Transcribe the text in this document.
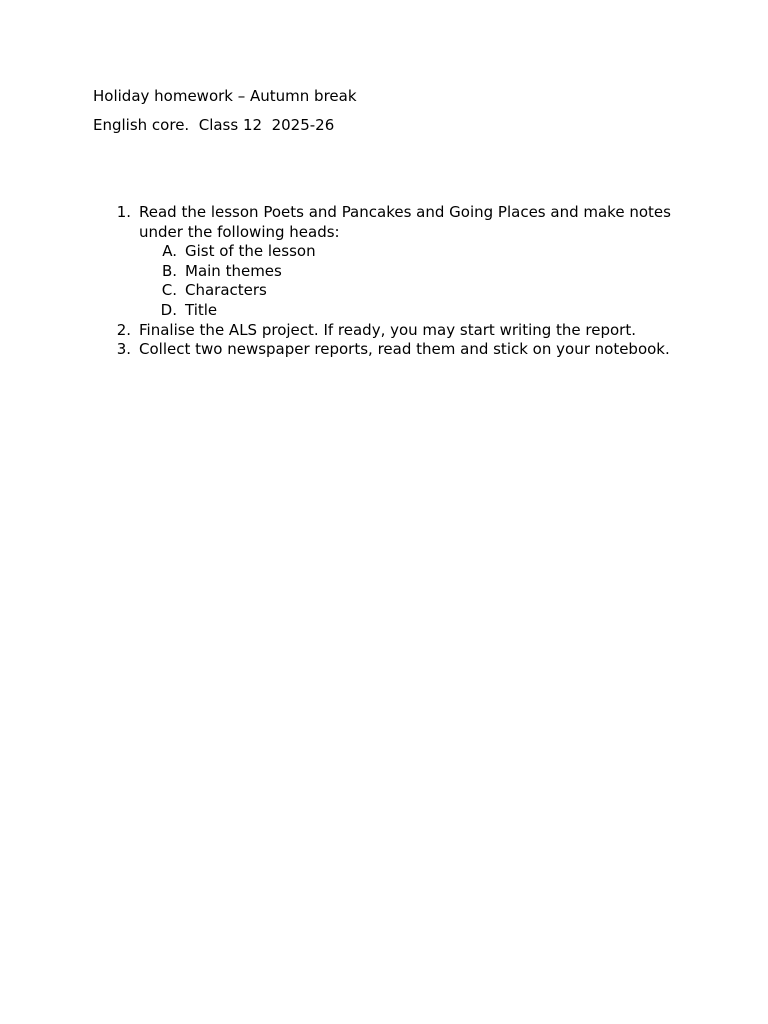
Holiday homework – Autumn break

English core.  Class 12  2025-26

1. Read the lesson Poets and Pancakes and Going Places and make notes under the following heads:
A. Gist of the lesson
B. Main themes
C. Characters
D. Title
2. Finalise the ALS project. If ready, you may start writing the report.
3. Collect two newspaper reports, read them and stick on your notebook.
